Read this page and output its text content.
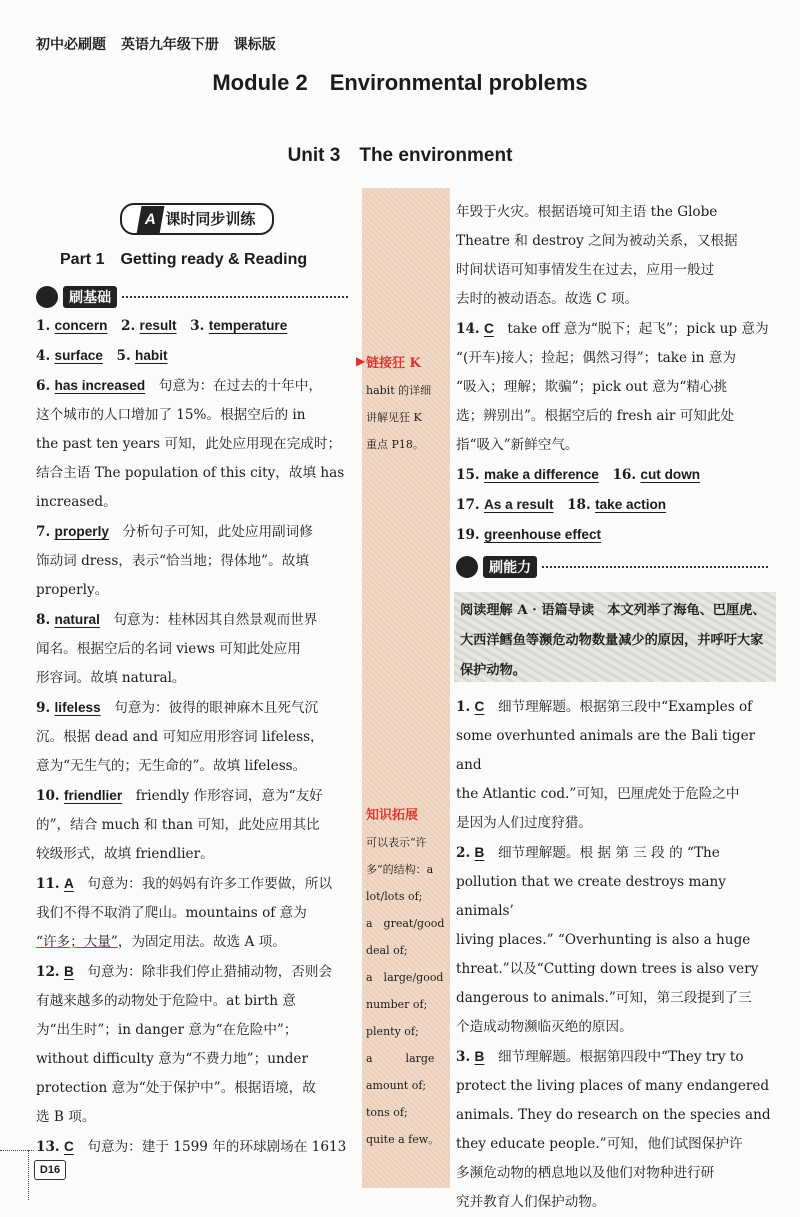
初中必刷题 英语九年级下册 课标版
Module 2　Environmental problems
Unit 3　The environment
A 课时同步训练
Part 1　Getting ready & Reading
刷基础

1. concern　 2. result　 3. temperature

4. surface　 5. habit

6. has increased　句意为：在过去的十年中，

这个城市的人口增加了 15%。根据空后的 in

the past ten years 可知，此处应用现在完成时；

结合主语 The population of this city，故填 has

increased。

7. properly　分析句子可知，此处应用副词修

饰动词 dress，表示“恰当地；得体地”。故填

properly。

8. natural　句意为：桂林因其自然景观而世界

闻名。根据空后的名词 views 可知此处应用

形容词。故填 natural。

9. lifeless　句意为：彼得的眼神麻木且死气沉

沉。根据 dead and 可知应用形容词 lifeless，

意为“无生气的；无生命的”。故填 lifeless。

10. friendlier　friendly 作形容词，意为“友好

的”，结合 much 和 than 可知，此处应用其比

较级形式，故填 friendlier。

11. A　句意为：我的妈妈有许多工作要做，所以

我们不得不取消了爬山。mountains of 意为

“许多；大量”，为固定用法。故选 A 项。

12. B　句意为：除非我们停止猎捕动物，否则会

有越来越多的动物处于危险中。at birth 意

为“出生时”；in danger 意为“在危险中”；

without difficulty 意为“不费力地”；under

protection 意为“处于保护中”。根据语境，故

选 B 项。

13. C　句意为：建于 1599 年的环球剧场在 1613

▶ 链接狂 K
habit 的详细
讲解见狂 K
重点 P18。
知识拓展
可以表示“许
多”的结构：a
lot/lots of;
a　great/good
deal of;
a　large/good
number of;
plenty of;
a　　　large
amount of;
tons of;
quite a few。

年毁于火灾。根据语境可知主语 the Globe

Theatre 和 destroy 之间为被动关系，又根据

时间状语可知事情发生在过去，应用一般过

去时的被动语态。故选 C 项。

14. C　take off 意为“脱下；起飞”；pick up 意为

“(开车)接人；捡起；偶然习得”；take in 意为

“吸入；理解；欺骗”；pick out 意为“精心挑

选；辨别出”。根据空后的 fresh air 可知此处

指“吸入”新鲜空气。

15. make a difference　 16. cut down

17. As a result　 18. take action

19. greenhouse effect

刷能力
阅读理解 A · 语篇导读　本文列举了海龟、巴厘虎、大西洋鳕鱼等濒危动物数量减少的原因，并呼吁大家保护动物。

1. C　细节理解题。根据第三段中“Examples of

some overhunted animals are the Bali tiger and

the Atlantic cod.”可知，巴厘虎处于危险之中

是因为人们过度狩猎。

2. B　细节理解题。根 据 第 三 段 的 “The

pollution that we create destroys many animals’

living places.” “Overhunting is also a huge

threat.”以及“Cutting down trees is also very

dangerous to animals.”可知，第三段提到了三

个造成动物濒临灭绝的原因。

3. B　细节理解题。根据第四段中“They try to

protect the living places of many endangered

animals. They do research on the species and

they educate people.”可知，他们试图保护许

多濒危动物的栖息地以及他们对物种进行研

究并教育人们保护动物。

D16
